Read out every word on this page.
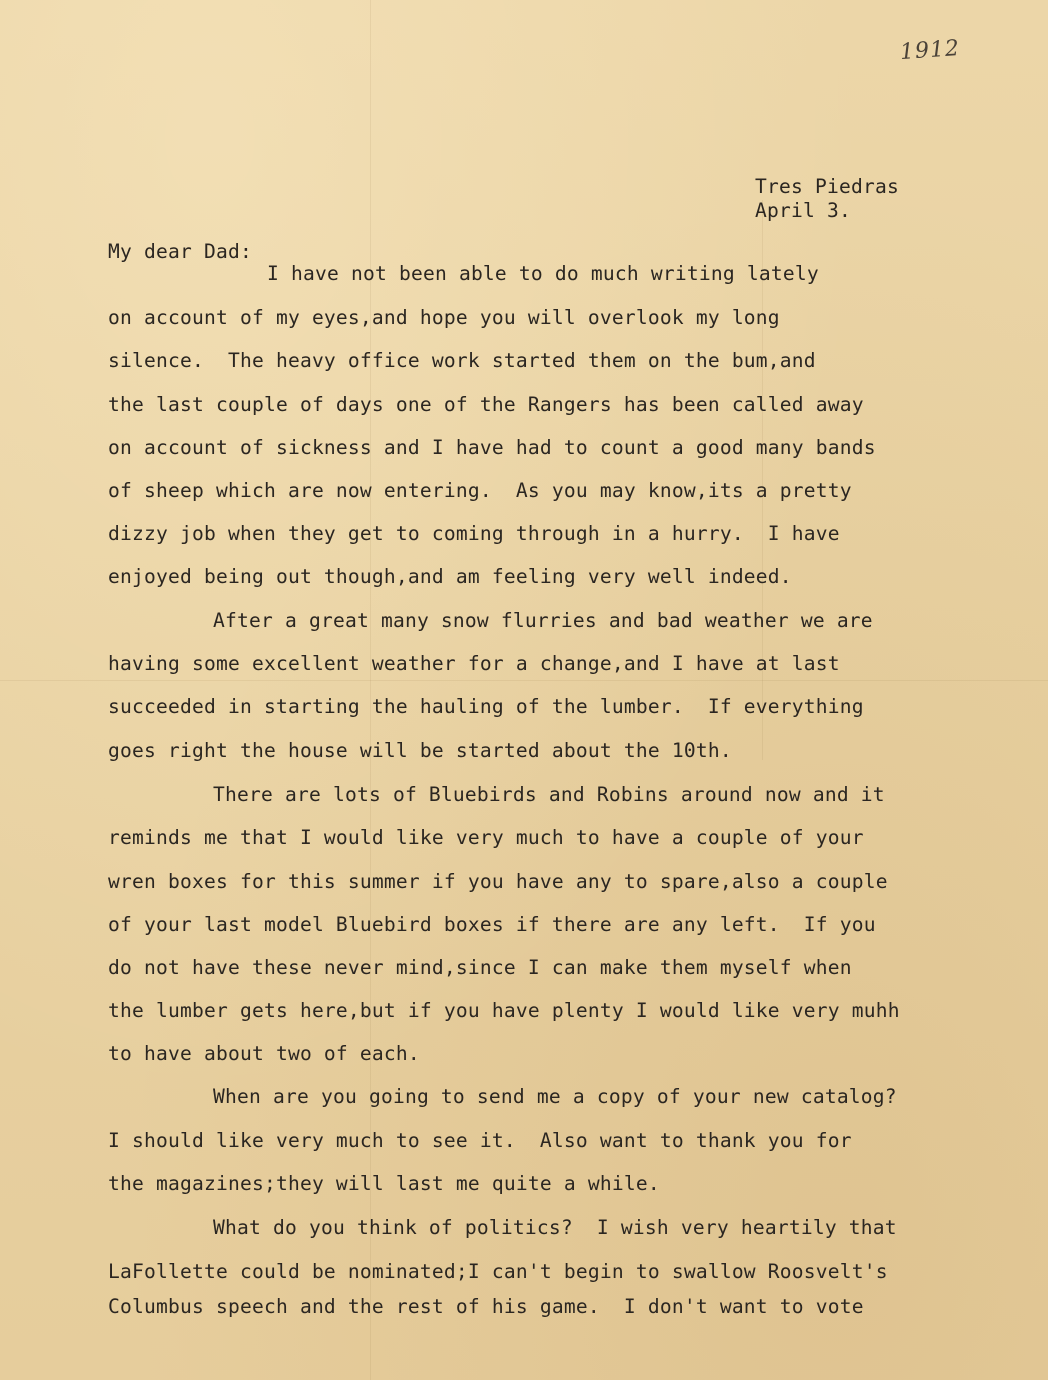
1912
Tres Piedras
April 3.
My dear Dad:
I have not been able to do much writing lately
on account of my eyes,and hope you will overlook my long
silence.  The heavy office work started them on the bum,and
the last couple of days one of the Rangers has been called away
on account of sickness and I have had to count a good many bands
of sheep which are now entering.  As you may know,its a pretty
dizzy job when they get to coming through in a hurry.  I have
enjoyed being out though,and am feeling very well indeed.
After a great many snow flurries and bad weather we are
having some excellent weather for a change,and I have at last
succeeded in starting the hauling of the lumber.  If everything
goes right the house will be started about the 10th.
There are lots of Bluebirds and Robins around now and it
reminds me that I would like very much to have a couple of your
wren boxes for this summer if you have any to spare,also a couple
of your last model Bluebird boxes if there are any left.  If you
do not have these never mind,since I can make them myself when
the lumber gets here,but if you have plenty I would like very muhh
to have about two of each.
When are you going to send me a copy of your new catalog?
I should like very much to see it.  Also want to thank you for
the magazines;they will last me quite a while.
What do you think of politics?  I wish very heartily that
LaFollette could be nominated;I can't begin to swallow Roosvelt's
Columbus speech and the rest of his game.  I don't want to vote
